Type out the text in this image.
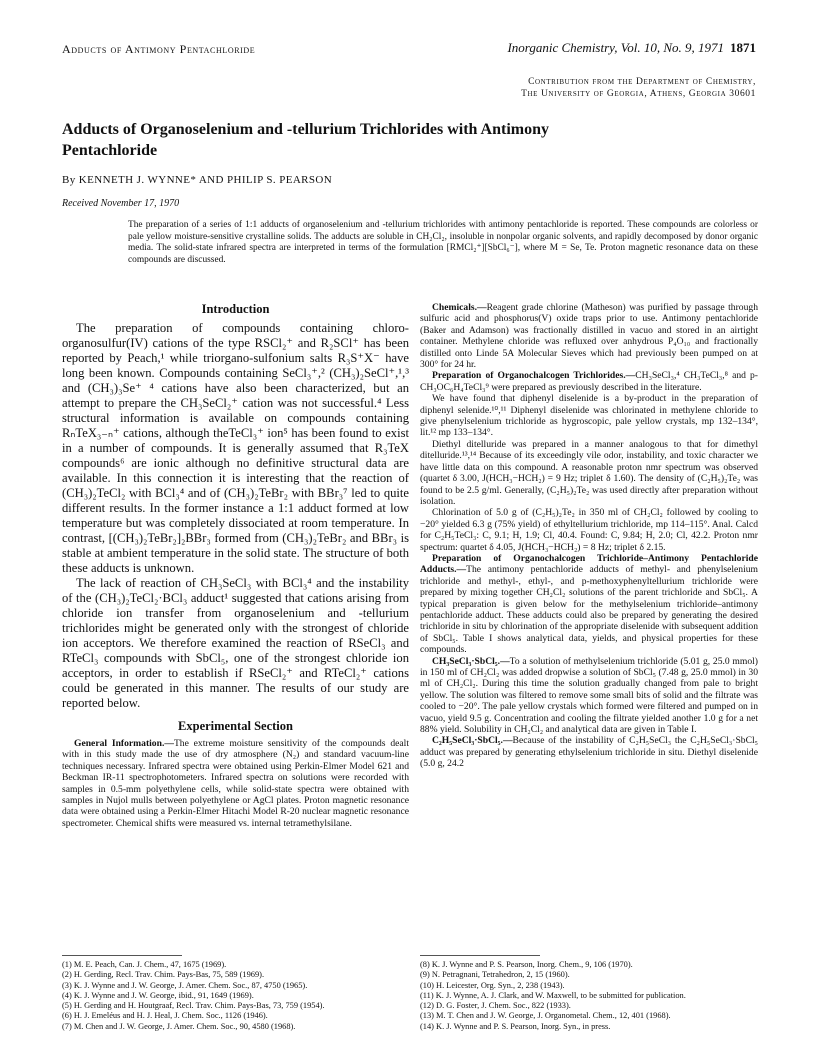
Adducts of Antimony Pentachloride	Inorganic Chemistry, Vol. 10, No. 9, 1971 1871
Contribution from the Department of Chemistry,
The University of Georgia, Athens, Georgia 30601
Adducts of Organoselenium and -tellurium Trichlorides with Antimony Pentachloride
By KENNETH J. WYNNE* AND PHILIP S. PEARSON
Received November 17, 1970
The preparation of a series of 1:1 adducts of organoselenium and -tellurium trichlorides with antimony pentachloride is reported. These compounds are colorless or pale yellow moisture-sensitive crystalline solids. The adducts are soluble in CH₂Cl₂, insoluble in nonpolar organic solvents, and rapidly decomposed by donor organic media. The solid-state infrared spectra are interpreted in terms of the formulation [RMCl₂⁺][SbCl₆⁻], where M = Se, Te. Proton magnetic resonance data on these compounds are discussed.
Introduction

The preparation of compounds containing chloro-organosulfur(IV) cations of the type RSCl₂⁺ and R₂SCl⁺ has been reported by Peach,¹ while triorgano-sulfonium salts R₃S⁺X⁻ have long been known. Compounds containing SeCl₃⁺,² (CH₃)₂SeCl⁺,¹,³ and (CH₃)₃Se⁺ ⁴ cations have also been characterized, but an attempt to prepare the CH₃SeCl₂⁺ cation was not successful.⁴ Less structural information is available on compounds containing RₙTeX₃₋ₙ⁺ cations, although theTeCl₃⁺ ion⁵ has been found to exist in a number of compounds. It is generally assumed that R₃TeX compounds⁶ are ionic although no definitive structural data are available. In this connection it is interesting that the reaction of (CH₃)₂TeCl₂ with BCl₃⁴ and of (CH₃)₂TeBr₂ with BBr₃⁷ led to quite different results. In the former instance a 1:1 adduct formed at low temperature but was completely dissociated at room temperature. In contrast, [(CH₃)₂TeBr₂]₂BBr₃ formed from (CH₃)₂TeBr₂ and BBr₃ is stable at ambient temperature in the solid state. The structure of both these adducts is unknown.

The lack of reaction of CH₃SeCl₃ with BCl₃⁴ and the instability of the (CH₃)₂TeCl₂·BCl₃ adduct¹ suggested that cations arising from chloride ion transfer from organoselenium and -tellurium trichlorides might be generated only with the strongest of chloride ion acceptors. We therefore examined the reaction of RSeCl₃ and RTeCl₃ compounds with SbCl₅, one of the strongest chloride ion acceptors, in order to establish if RSeCl₂⁺ and RTeCl₂⁺ cations could be generated in this manner. The results of our study are reported below.

Experimental Section

General Information.—The extreme moisture sensitivity of the compounds dealt with in this study made the use of dry atmosphere (N₂) and standard vacuum-line techniques necessary. Infrared spectra were obtained using Perkin-Elmer Model 621 and Beckman IR-11 spectrophotometers. Infrared spectra on solutions were recorded with samples in 0.5-mm polyethylene cells, while solid-state spectra were obtained with samples in Nujol mulls between polyethylene or AgCl plates. Proton magnetic resonance data were obtained using a Perkin-Elmer Hitachi Model R-20 nuclear magnetic resonance spectrometer. Chemical shifts were measured vs. internal tetramethylsilane.

Chemicals.—Reagent grade chlorine (Matheson) was purified by passage through sulfuric acid and phosphorus(V) oxide traps prior to use. Antimony pentachloride (Baker and Adamson) was fractionally distilled in vacuo and stored in an airtight container. Methylene chloride was refluxed over anhydrous P₄O₁₀ and fractionally distilled onto Linde 5A Molecular Sieves which had previously been pumped on at 300° for 24 hr.

Preparation of Organochalcogen Trichlorides.—CH₃SeCl₃,⁴ CH₃TeCl₃,⁸ and p-CH₃OC₆H₄TeCl₃⁹ were prepared as previously described in the literature.

We have found that diphenyl diselenide is a by-product in the preparation of diphenyl selenide.¹⁰,¹¹ Diphenyl diselenide was chlorinated in methylene chloride to give phenylselenium trichloride as hygroscopic, pale yellow crystals, mp 132–134°, lit.¹² mp 133–134°.

Diethyl ditelluride was prepared in a manner analogous to that for dimethyl ditelluride.¹³,¹⁴ Because of its exceedingly vile odor, instability, and toxic character we have little data on this compound. A reasonable proton nmr spectrum was observed (quartet δ 3.00, J(HCH₃−HCH₂) = 9 Hz; triplet δ 1.60). The density of (C₂H₅)₂Te₂ was found to be 2.5 g/ml. Generally, (C₂H₅)₂Te₂ was used directly after preparation without isolation.

Chlorination of 5.0 g of (C₂H₅)₂Te₂ in 350 ml of CH₂Cl₂ followed by cooling to −20° yielded 6.3 g (75% yield) of ethyltellurium trichloride, mp 114–115°. Anal. Calcd for C₂H₅TeCl₃: C, 9.1; H, 1.9; Cl, 40.4. Found: C, 9.84; H, 2.0; Cl, 42.2. Proton nmr spectrum: quartet δ 4.05, J(HCH₃−HCH₂) = 8 Hz; triplet δ 2.15.

Preparation of Organochalcogen Trichloride–Antimony Pentachloride Adducts.—The antimony pentachloride adducts of methyl- and phenylselenium trichloride and methyl-, ethyl-, and p-methoxyphenyltellurium trichloride were prepared by mixing together CH₂Cl₂ solutions of the parent trichloride and SbCl₅. A typical preparation is given below for the methylselenium trichloride–antimony pentachloride adduct. These adducts could also be prepared by generating the desired trichloride in situ by chlorination of the appropriate diselenide with subsequent addition of SbCl₅. Table I shows analytical data, yields, and physical properties for these compounds.

CH₃SeCl₃·SbCl₅.—To a solution of methylselenium trichloride (5.01 g, 25.0 mmol) in 150 ml of CH₂Cl₂ was added dropwise a solution of SbCl₅ (7.48 g, 25.0 mmol) in 30 ml of CH₂Cl₂. During this time the solution gradually changed from pale to bright yellow. The solution was filtered to remove some small bits of solid and the filtrate was cooled to −20°. The pale yellow crystals which formed were filtered and pumped on in vacuo, yield 9.5 g. Concentration and cooling the filtrate yielded another 1.0 g for a net 88% yield. Solubility in CH₂Cl₂ and analytical data are given in Table I.

C₂H₅SeCl₃·SbCl₅.—Because of the instability of C₂H₅SeCl₃ the C₂H₅SeCl₃·SbCl₅ adduct was prepared by generating ethylselenium trichloride in situ. Diethyl diselenide (5.0 g, 24.2

(1) M. E. Peach, Can. J. Chem., 47, 1675 (1969).
(2) H. Gerding, Recl. Trav. Chim. Pays-Bas, 75, 589 (1969).
(3) K. J. Wynne and J. W. George, J. Amer. Chem. Soc., 87, 4750 (1965).
(4) K. J. Wynne and J. W. George, ibid., 91, 1649 (1969).
(5) H. Gerding and H. Houtgraaf, Recl. Trav. Chim. Pays-Bas, 73, 759 (1954).
(6) H. J. Emeléus and H. J. Heal, J. Chem. Soc., 1126 (1946).
(7) M. Chen and J. W. George, J. Amer. Chem. Soc., 90, 4580 (1968).
(8) K. J. Wynne and P. S. Pearson, Inorg. Chem., 9, 106 (1970).
(9) N. Petragnani, Tetrahedron, 2, 15 (1960).
(10) H. Leicester, Org. Syn., 2, 238 (1943).
(11) K. J. Wynne, A. J. Clark, and W. Maxwell, to be submitted for publication.
(12) D. G. Foster, J. Chem. Soc., 822 (1933).
(13) M. T. Chen and J. W. George, J. Organometal. Chem., 12, 401 (1968).
(14) K. J. Wynne and P. S. Pearson, Inorg. Syn., in press.
